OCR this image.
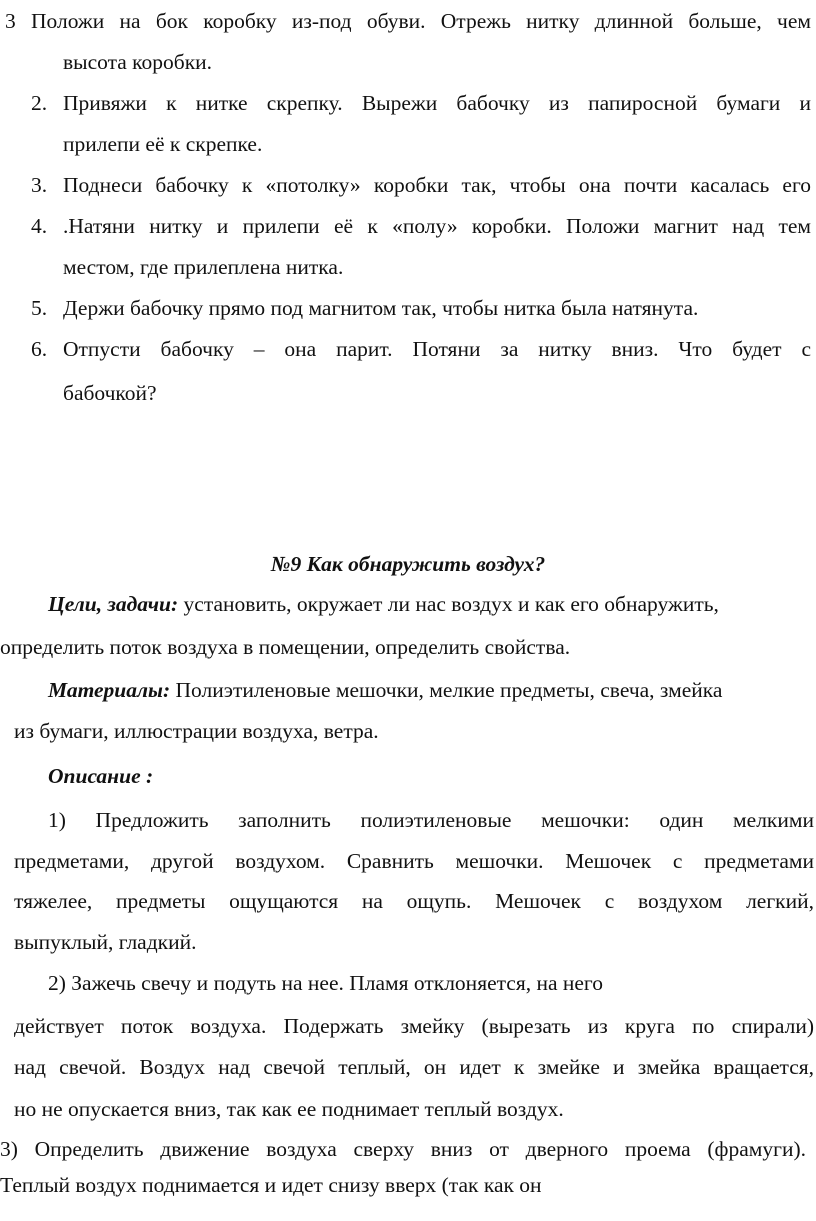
3 Положи на бок коробку из-под обуви. Отрежь нитку длинной больше, чем
высота коробки.
2. Привяжи к нитке скрепку. Вырежи бабочку из папиросной бумаги и
прилепи её к скрепке.
3. Поднеси бабочку к «потолку» коробки так, чтобы она почти касалась его
4. .Натяни нитку и прилепи её к «полу» коробки. Положи магнит над тем
местом, где прилеплена нитка.
5. Держи бабочку прямо под магнитом так, чтобы нитка была натянута.
6. Отпусти бабочку – она парит. Потяни за нитку вниз. Что будет с
бабочкой?
№9 Как обнаружить воздух?
Цели, задачи: установить, окружает ли нас воздух и как его обнаружить,
определить поток воздуха в помещении, определить свойства.
Материалы: Полиэтиленовые мешочки, мелкие предметы, свеча, змейка
из бумаги, иллюстрации воздуха, ветра.
Описание :
1) Предложить заполнить полиэтиленовые мешочки: один мелкими
предметами, другой воздухом. Сравнить мешочки. Мешочек с предметами
тяжелее, предметы ощущаются на ощупь. Мешочек с воздухом легкий,
выпуклый, гладкий.
2) Зажечь свечу и подуть на нее. Пламя отклоняется, на него
действует поток воздуха. Подержать змейку (вырезать из круга по спирали)
над свечой. Воздух над свечой теплый, он идет к змейке и змейка вращается,
но не опускается вниз, так как ее поднимает теплый воздух.
3) Определить движение воздуха сверху вниз от дверного проема (фрамуги).
Теплый воздух поднимается и идет снизу вверх (так как он
